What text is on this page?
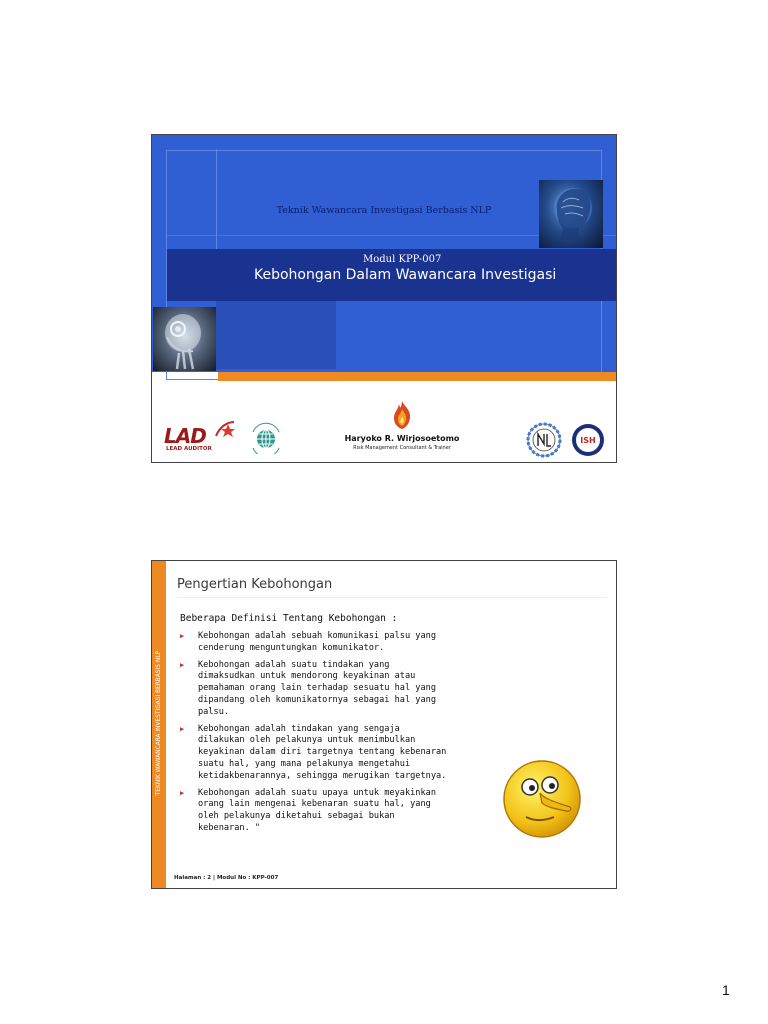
Teknik Wawancara Investigasi Berbasis NLP
Modul KPP-007
Kebohongan Dalam Wawancara Investigasi
LAD
LEAD AUDITOR
Haryoko R. Wirjosoetomo
Risk Management Consultant & Trainer
ISH
TEKNIK WAWANCARA INVESTIGASI BERBASIS NLP
Pengertian Kebohongan
Beberapa Definisi Tentang Kebohongan :
▶ Kebohongan adalah sebuah komunikasi palsu yang
cenderung menguntungkan komunikator.
▶ Kebohongan adalah suatu tindakan yang
dimaksudkan untuk mendorong keyakinan atau
pemahaman orang lain terhadap sesuatu hal yang
dipandang oleh komunikatornya sebagai hal yang
palsu.
▶ Kebohongan adalah tindakan yang sengaja
dilakukan oleh pelakunya untuk menimbulkan
keyakinan dalam diri targetnya tentang kebenaran
suatu hal, yang mana pelakunya mengetahui
ketidakbenarannya, sehingga merugikan targetnya.
▶ Kebohongan adalah suatu upaya untuk meyakinkan
orang lain mengenai kebenaran suatu hal, yang
oleh pelakunya diketahui sebagai bukan
kebenaran. "
Halaman : 2 | Modul No : KPP-007
1
